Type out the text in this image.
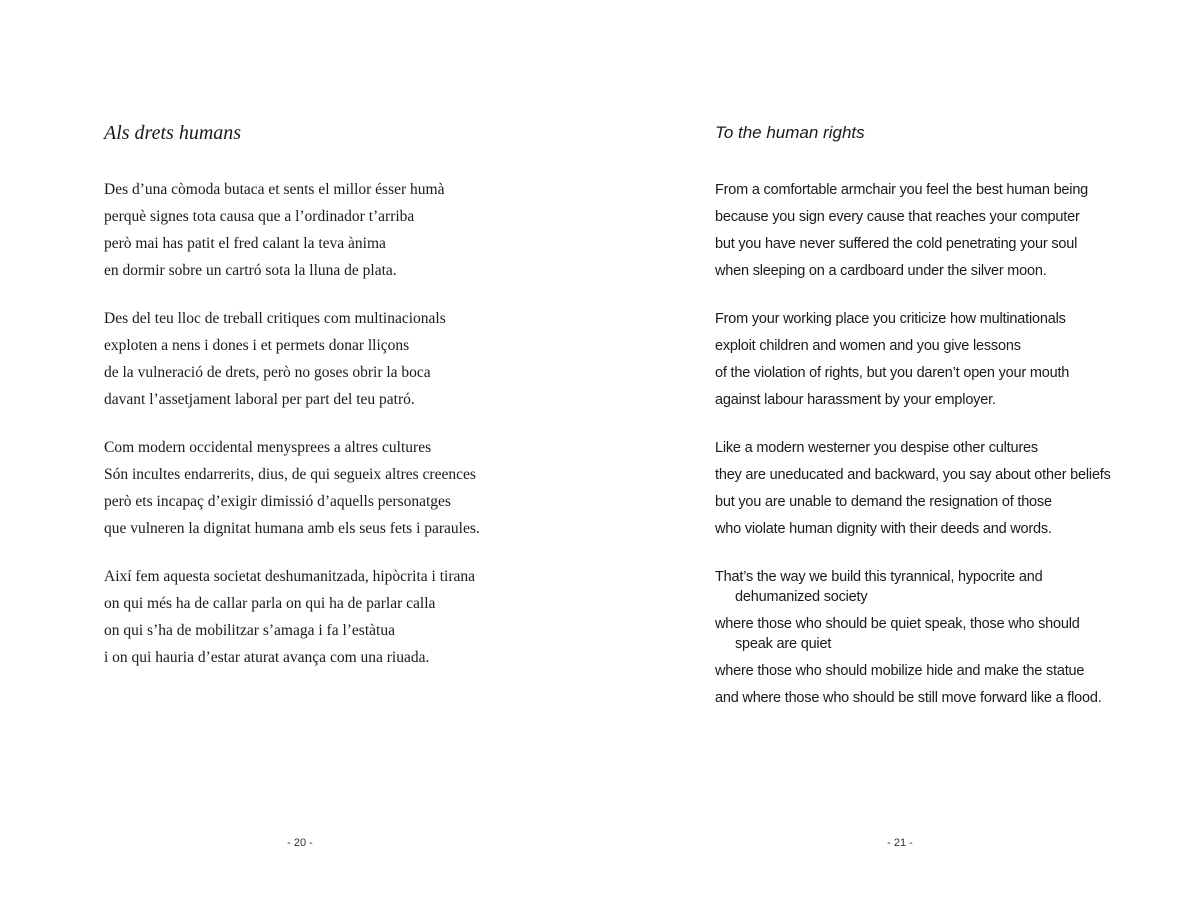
Als drets humans
Des d’una còmoda butaca et sents el millor ésser humà
perquè signes tota causa que a l’ordinador t’arriba
però mai has patit el fred calant la teva ànima
en dormir sobre un cartró sota la lluna de plata.
Des del teu lloc de treball critiques com multinacionals
exploten a nens i dones i et permets donar lliçons
de la vulneració de drets, però no goses obrir la boca
davant l’assetjament laboral per part del teu patró.
Com modern occidental menysprees a altres cultures
Són incultes endarrerits, dius, de qui segueix altres creences
però ets incapaç d’exigir dimissió d’aquells personatges
que vulneren la dignitat humana amb els seus fets i paraules.
Així fem aquesta societat deshumanitzada, hipòcrita i tirana
on qui més ha de callar parla on qui ha de parlar calla
on qui s’ha de mobilitzar s’amaga i fa l’estàtua
i on qui hauria d’estar aturat avança com una riuada.
- 20 -
To the human rights
From a comfortable armchair you feel the best human being
because you sign every cause that reaches your computer
but you have never suffered the cold penetrating your soul
when sleeping on a cardboard under the silver moon.
From your working place you criticize how multinationals
exploit children and women and you give lessons
of the violation of rights, but you daren’t open your mouth
against labour harassment by your employer.
Like a modern westerner you despise other cultures
they are uneducated and backward, you say about other beliefs
but you are unable to demand the resignation of those
who violate human dignity with their deeds and words.
That’s the way we build this tyrannical, hypocrite and dehumanized society
where those who should be quiet speak, those who should speak are quiet
where those who should mobilize hide and make the statue
and where those who should be still move forward like a flood.
- 21 -
